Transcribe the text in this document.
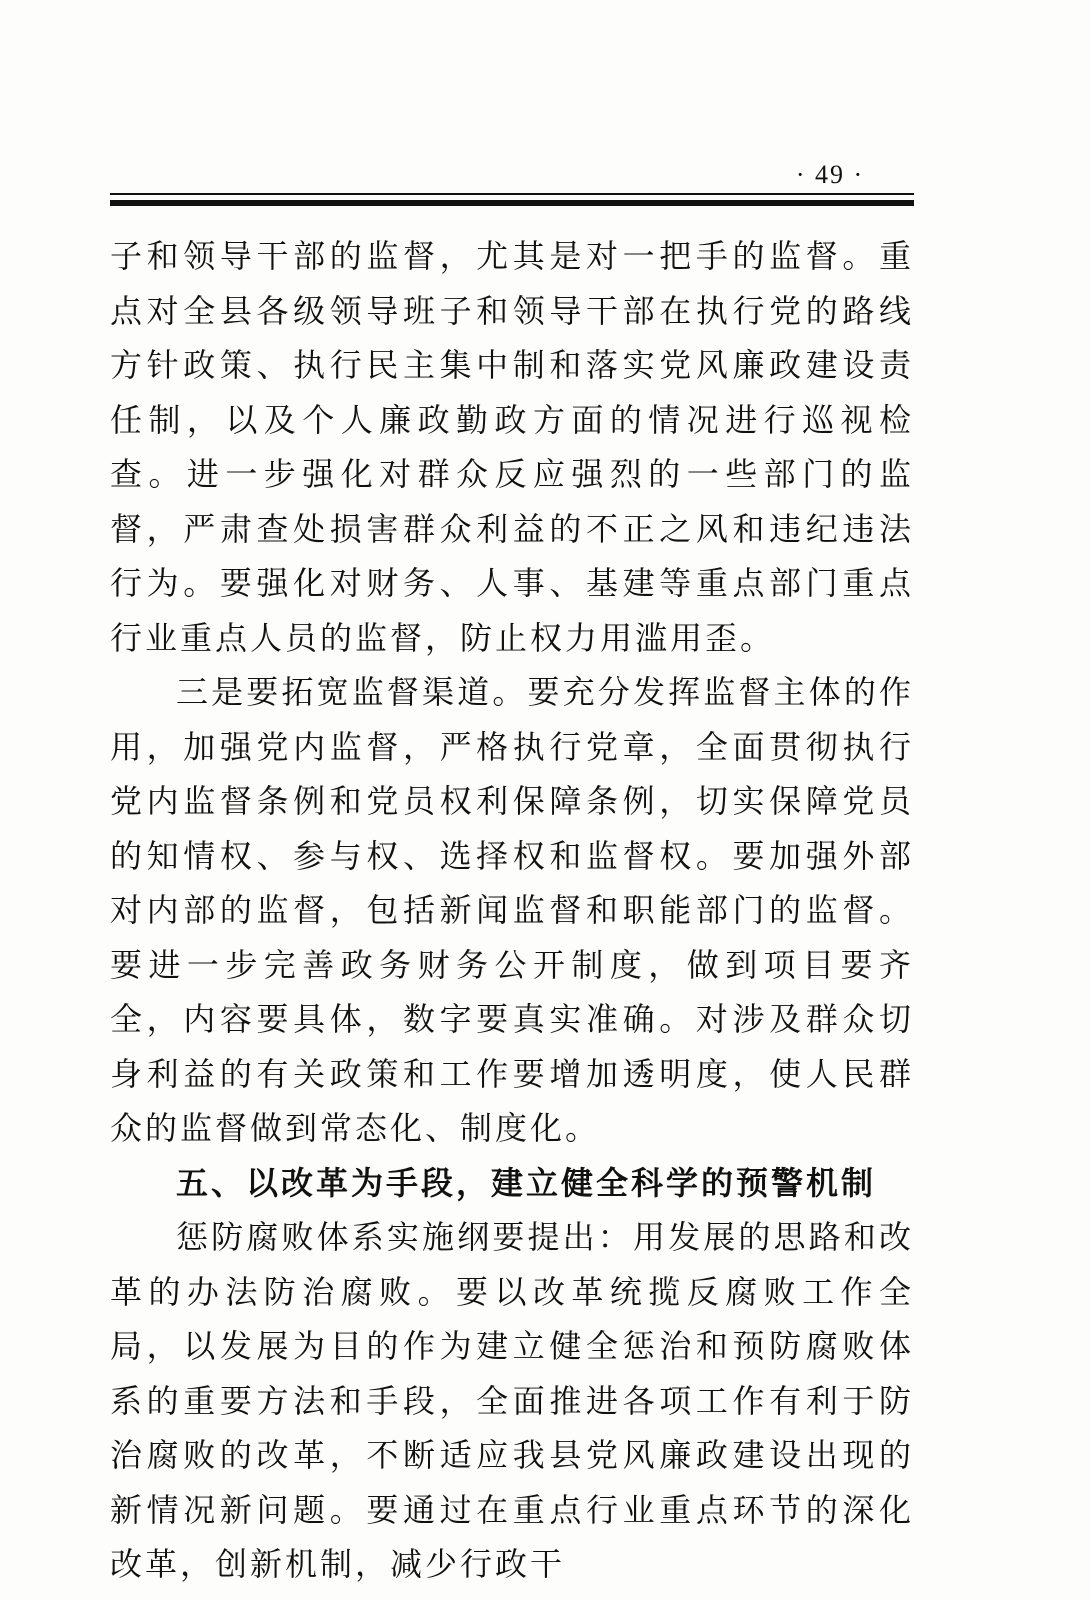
· 49 ·

子和领导干部的监督，尤其是对一把手的监督。重点对全县各级领导班子和领导干部在执行党的路线方针政策、执行民主集中制和落实党风廉政建设责任制，以及个人廉政勤政方面的情况进行巡视检查。进一步强化对群众反应强烈的一些部门的监督，严肃查处损害群众利益的不正之风和违纪违法行为。要强化对财务、人事、基建等重点部门重点行业重点人员的监督，防止权力用滥用歪。

三是要拓宽监督渠道。要充分发挥监督主体的作用，加强党内监督，严格执行党章，全面贯彻执行党内监督条例和党员权利保障条例，切实保障党员的知情权、参与权、选择权和监督权。要加强外部对内部的监督，包括新闻监督和职能部门的监督。要进一步完善政务财务公开制度，做到项目要齐全，内容要具体，数字要真实准确。对涉及群众切身利益的有关政策和工作要增加透明度，使人民群众的监督做到常态化、制度化。

五、以改革为手段，建立健全科学的预警机制

惩防腐败体系实施纲要提出：用发展的思路和改革的办法防治腐败。要以改革统揽反腐败工作全局，以发展为目的作为建立健全惩治和预防腐败体系的重要方法和手段，全面推进各项工作有利于防治腐败的改革，不断适应我县党风廉政建设出现的新情况新问题。要通过在重点行业重点环节的深化改革，创新机制，减少行政干
